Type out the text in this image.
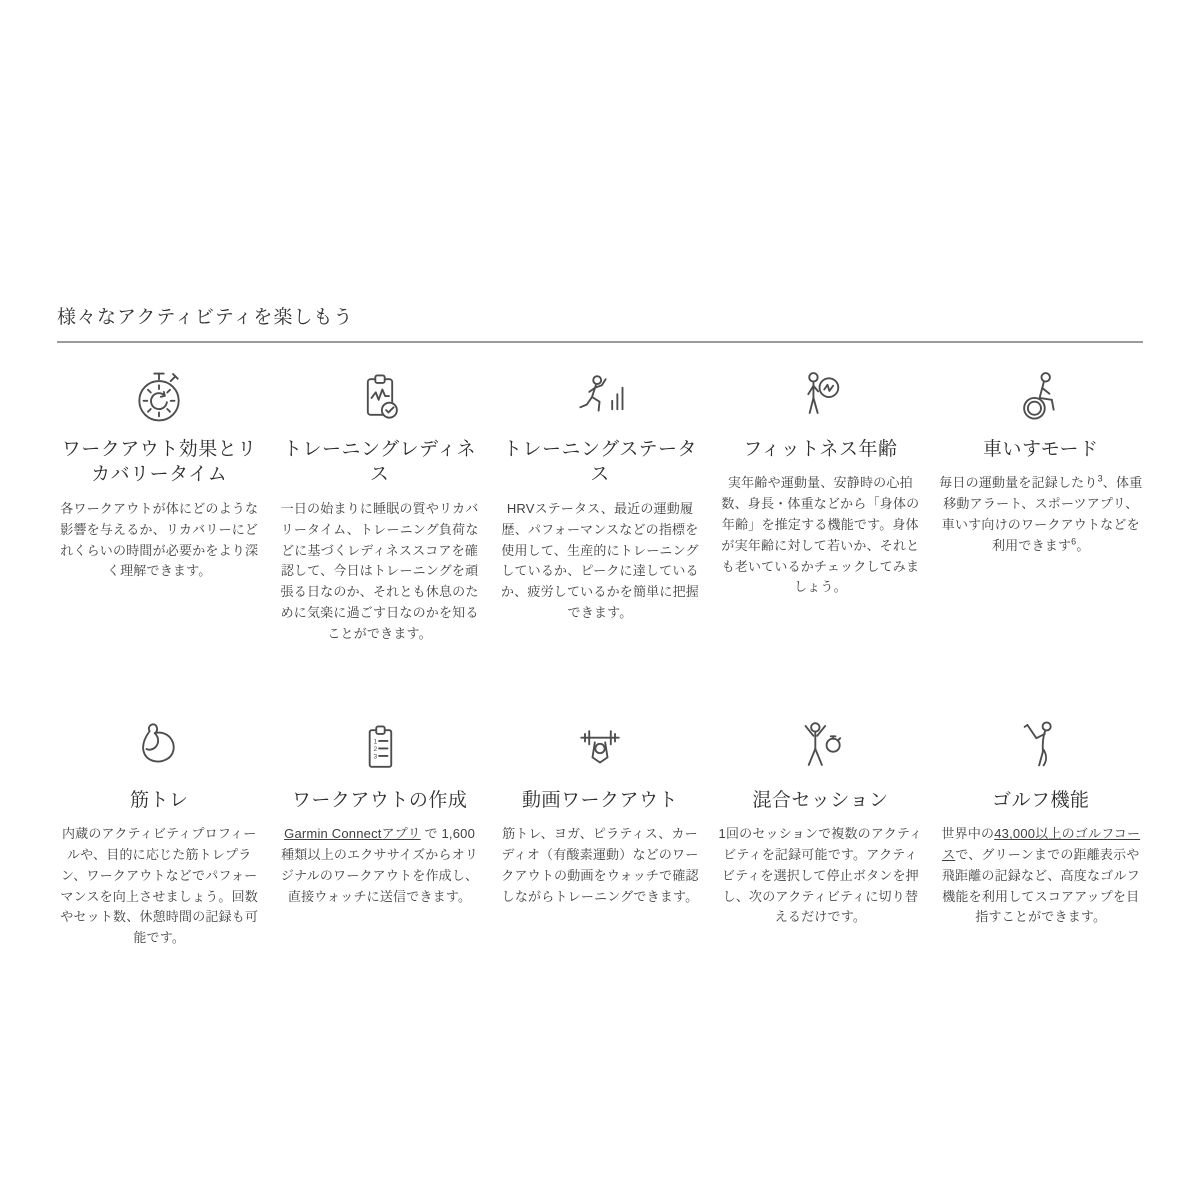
様々なアクティビティを楽しもう
ワークアウト効果とリカバリータイム

各ワークアウトが体にどのような影響を与えるか、リカバリーにどれくらいの時間が必要かをより深く理解できます。

トレーニングレディネス

一日の始まりに睡眠の質やリカバリータイム、トレーニング負荷などに基づくレディネススコアを確認して、今日はトレーニングを頑張る日なのか、それとも休息のために気楽に過ごす日なのかを知ることができます。

トレーニングステータス

HRVステータス、最近の運動履歴、パフォーマンスなどの指標を使用して、生産的にトレーニングしているか、ピークに達しているか、疲労しているかを簡単に把握できます。

フィットネス年齢

実年齢や運動量、安静時の心拍数、身長・体重などから「身体の年齢」を推定する機能です。身体が実年齢に対して若いか、それとも老いているかチェックしてみましょう。

車いすモード

毎日の運動量を記録したり$^3$、体重移動アラート、スポーツアプリ、車いす向けのワークアウトなどを利用できます$^6$。

筋トレ

内蔵のアクティビティプロフィールや、目的に応じた筋トレプラン、ワークアウトなどでパフォーマンスを向上させましょう。回数やセット数、休憩時間の記録も可能です。

1
2
3
ワークアウトの作成

Garmin Connectアプリ で 1,600 種類以上のエクササイズからオリジナルのワークアウトを作成し、直接ウォッチに送信できます。

動画ワークアウト

筋トレ、ヨガ、ピラティス、カーディオ（有酸素運動）などのワークアウトの動画をウォッチで確認しながらトレーニングできます。

混合セッション

1回のセッションで複数のアクティビティを記録可能です。アクティビティを選択して停止ボタンを押し、次のアクティビティに切り替えるだけです。

ゴルフ機能

世界中の43,000以上のゴルフコースで、グリーンまでの距離表示や飛距離の記録など、高度なゴルフ機能を利用してスコアアップを目指すことができます。
